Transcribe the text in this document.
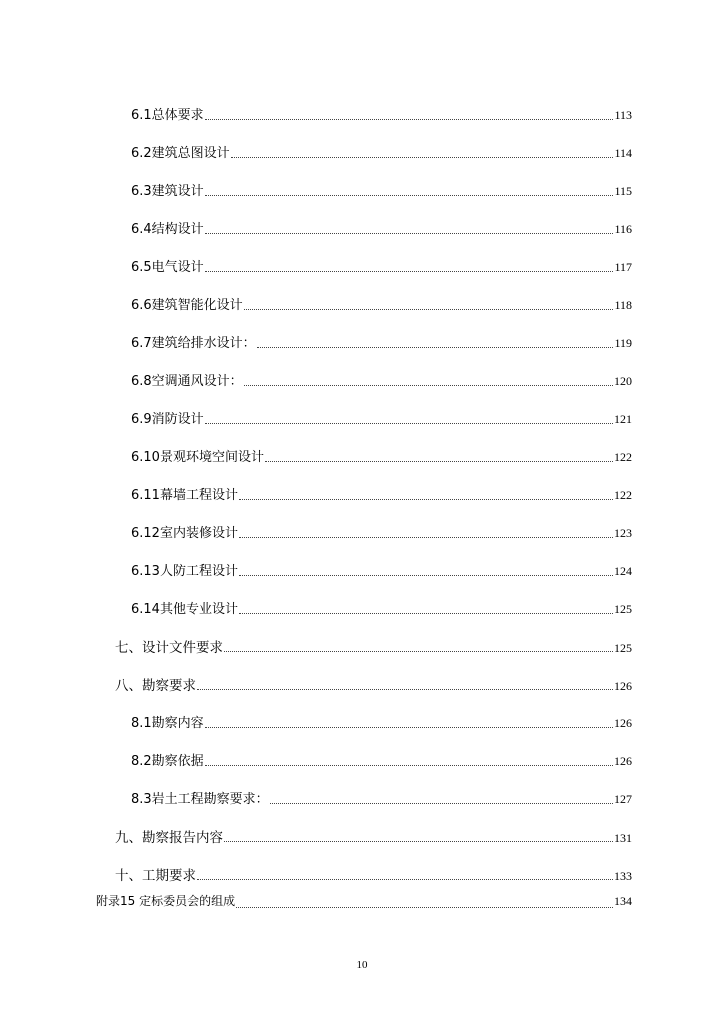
6.1总体要求	113
6.2建筑总图设计	114
6.3建筑设计	115
6.4结构设计	116
6.5电气设计	117
6.6建筑智能化设计	118
6.7建筑给排水设计：	119
6.8空调通风设计：	120
6.9消防设计	121
6.10景观环境空间设计	122
6.11幕墙工程设计	122
6.12室内装修设计	123
6.13人防工程设计	124
6.14其他专业设计	125
七、设计文件要求	125
八、勘察要求	126
8.1勘察内容	126
8.2勘察依据	126
8.3岩土工程勘察要求：	127
九、勘察报告内容	131
十、工期要求	133
附录15 定标委员会的组成	134
10
